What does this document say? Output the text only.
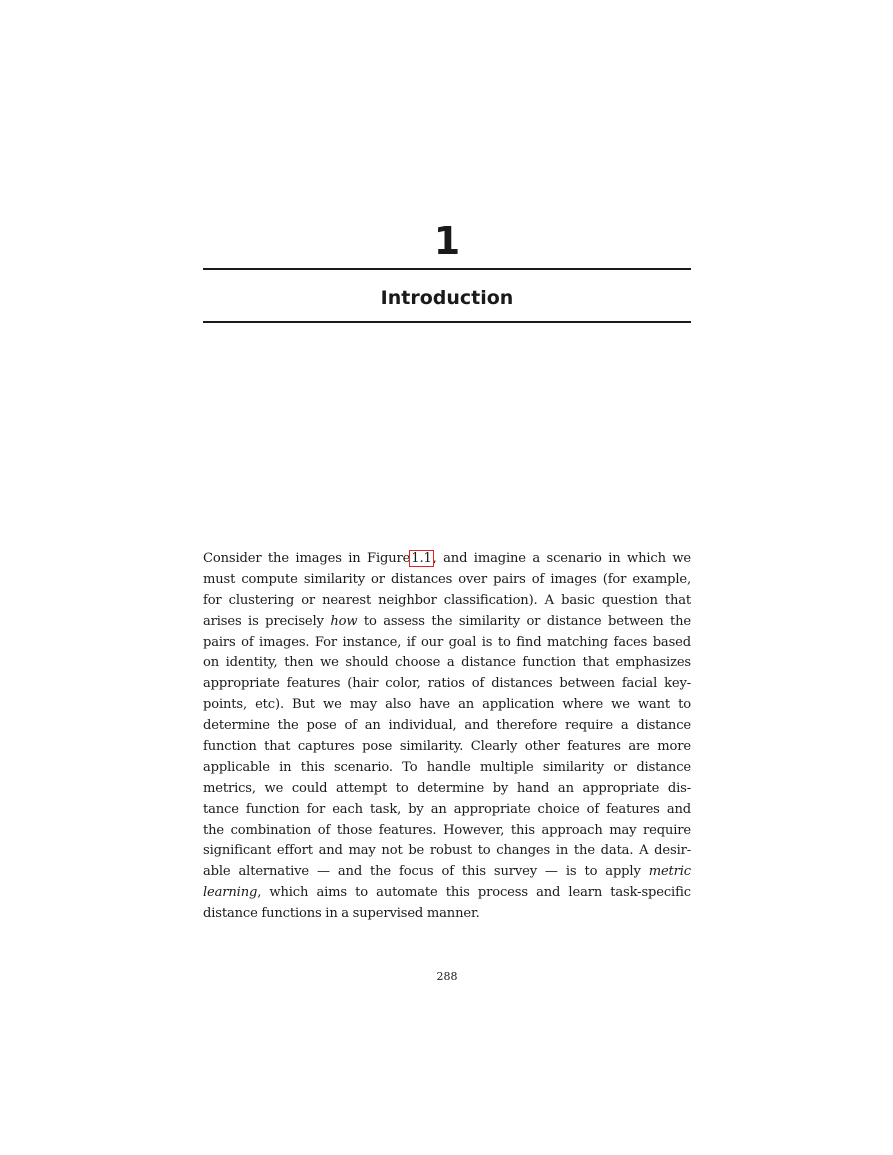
1
Introduction
Consider the images in Figure1.1, and imagine a scenario in which we
must compute similarity or distances over pairs of images (for example,
for clustering or nearest neighbor classification). A basic question that
arises is precisely how to assess the similarity or distance between the
pairs of images. For instance, if our goal is to find matching faces based
on identity, then we should choose a distance function that emphasizes
appropriate features (hair color, ratios of distances between facial key-
points, etc). But we may also have an application where we want to
determine the pose of an individual, and therefore require a distance
function that captures pose similarity. Clearly other features are more
applicable in this scenario. To handle multiple similarity or distance
metrics, we could attempt to determine by hand an appropriate dis-
tance function for each task, by an appropriate choice of features and
the combination of those features. However, this approach may require
significant effort and may not be robust to changes in the data. A desir-
able alternative — and the focus of this survey — is to apply metric
learning, which aims to automate this process and learn task-specific
distance functions in a supervised manner.
288
